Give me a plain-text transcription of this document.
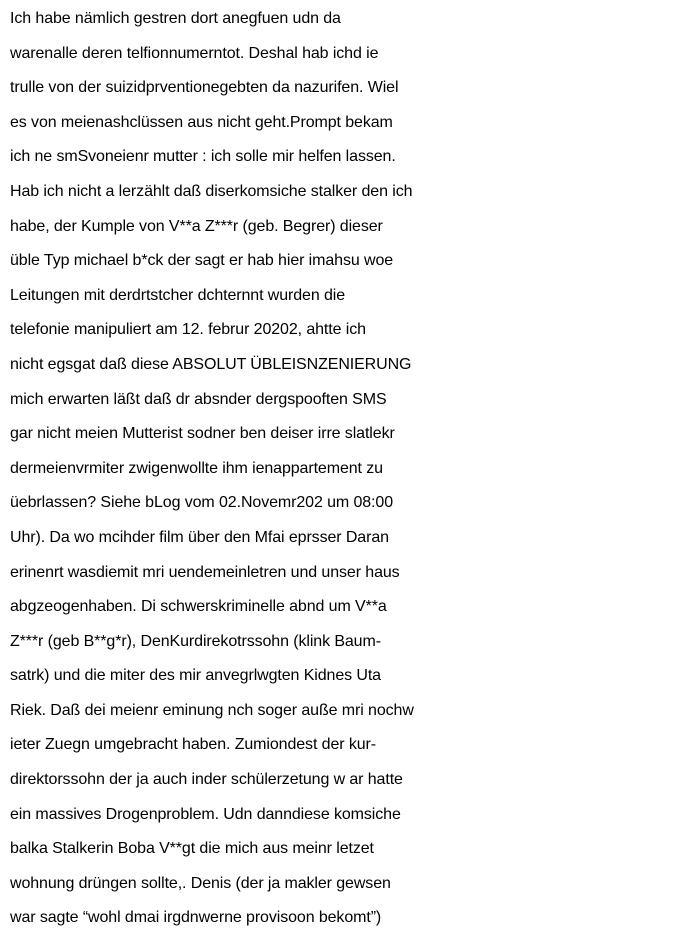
Ich habe nämlich gestren dort anegfuen udn da
warenalle deren telfionnumerntot. Deshal hab ichd ie
trulle von der suizidprventionegebten da nazurifen. Wiel
es von meienashclüssen aus nicht geht.Prompt bekam
ich ne smSvoneienr mutter : ich solle mir helfen lassen.
Hab ich nicht a lerzählt daß diserkomsiche stalker den ich
habe, der Kumple von V**a Z***r (geb. Begrer) dieser
üble Typ michael b*ck der sagt er hab hier imahsu woe
Leitungen mit derdrtstcher dchternnt wurden die
telefonie manipuliert am 12. februr 20202, ahtte ich
nicht egsgat daß diese ABSOLUT ÜBLEISNZENIERUNG
mich erwarten läßt daß dr absnder dergspooften SMS
gar nicht meien Mutterist sodner ben deiser irre slatlekr
dermeienvrmiter zwigenwollte ihm ienappartement zu
üebrlassen? Siehe bLog vom 02.Novemr202 um 08:00
Uhr). Da wo mcihder film über den Mfai eprsser Daran
erinenrt wasdiemit mri uendemeinletren und unser haus
abgzeogenhaben. Di schwerskriminelle abnd um V**a
Z***r (geb B**g*r), DenKurdirekotrssohn (klink Baum-
satrk) und die miter des mir anvegrlwgten Kidnes Uta
Riek. Daß dei meienr eminung nch soger auße mri nochw
ieter Zuegn umgebracht haben. Zumiondest der kur-
direktorssohn der ja auch inder schülerzetung w ar hatte
ein massives Drogenproblem. Udn danndiese komsiche
balka Stalkerin Boba V**gt die mich aus meinr letzet
wohnung drüngen sollte,. Denis (der ja makler gewsen
war sagte “wohl dmai irgdnwerne provisoon bekomt”)
